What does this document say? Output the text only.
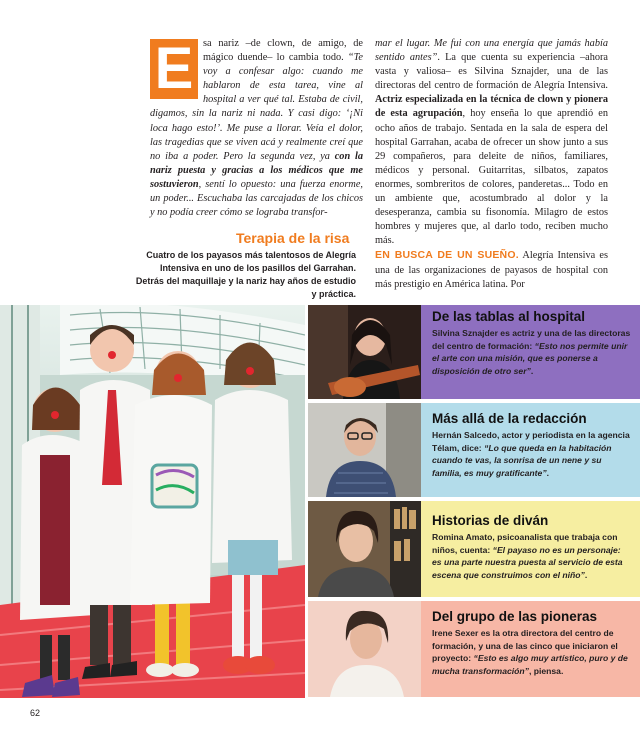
E sa nariz –de clown, de amigo, de mágico duende– lo cambia todo. “Te voy a confesar algo: cuando me hablaron de esta tarea, vine al hospital a ver qué tal. Estaba de civil, digamos, sin la nariz ni nada. Y casi digo: ‘¡Ni loca hago esto!’. Me puse a llorar. Veía el dolor, las tragedias que se viven acá y realmente creí que no iba a poder. Pero la segunda vez, ya con la nariz puesta y gracias a los médicos que me sostuvieron, sentí lo opuesto: una fuerza enorme, un poder... Escuchaba las carcajadas de los chicos y no podía creer cómo se lograba transfor-

Terapia de la risa
Cuatro de los payasos más talentosos de Alegría Intensiva en uno de los pasillos del Garrahan. Detrás del maquillaje y la nariz hay años de estudio y práctica.

mar el lugar. Me fui con una energía que jamás había sentido antes”. La que cuenta su experiencia –ahora vasta y valiosa– es Silvina Sznajder, una de las directoras del centro de formación de Alegría Intensiva. Actriz especializada en la técnica de clown y pionera de esta agrupación, hoy enseña lo que aprendió en ocho años de trabajo. Sentada en la sala de espera del hospital Garrahan, acaba de ofrecer un show junto a sus 29 compañeros, para deleite de niños, familiares, médicos y personal. Guitarritas, silbatos, zapatos enormes, sombreritos de colores, panderetas... Todo en un ambiente que, acostumbrado al dolor y la desesperanza, cambia su fisonomía. Milagro de estos hombres y mujeres que, al darlo todo, reciben mucho más.

EN BUSCA DE UN SUEÑO. Alegría Intensiva es una de las organizaciones de payasos de hospital con más prestigio en América latina. Por

De las tablas al hospital
Silvina Sznajder es actriz y una de las directoras del centro de formación: “Esto nos permite unir el arte con una misión, que es ponerse a disposición de otro ser”.
Más allá de la redacción
Hernán Salcedo, actor y periodista en la agencia Télam, dice: “Lo que queda en la habitación cuando te vas, la sonrisa de un nene y su familia, es muy gratificante”.
Historias de diván
Romina Amato, psicoanalista que trabaja con niños, cuenta: “El payaso no es un personaje: es una parte nuestra puesta al servicio de esta escena que construimos con el niño”.
Del grupo de las pioneras
Irene Sexer es la otra directora del centro de formación, y una de las cinco que iniciaron el proyecto: “Esto es algo muy artístico, puro y de mucha transformación”, piensa.
62
